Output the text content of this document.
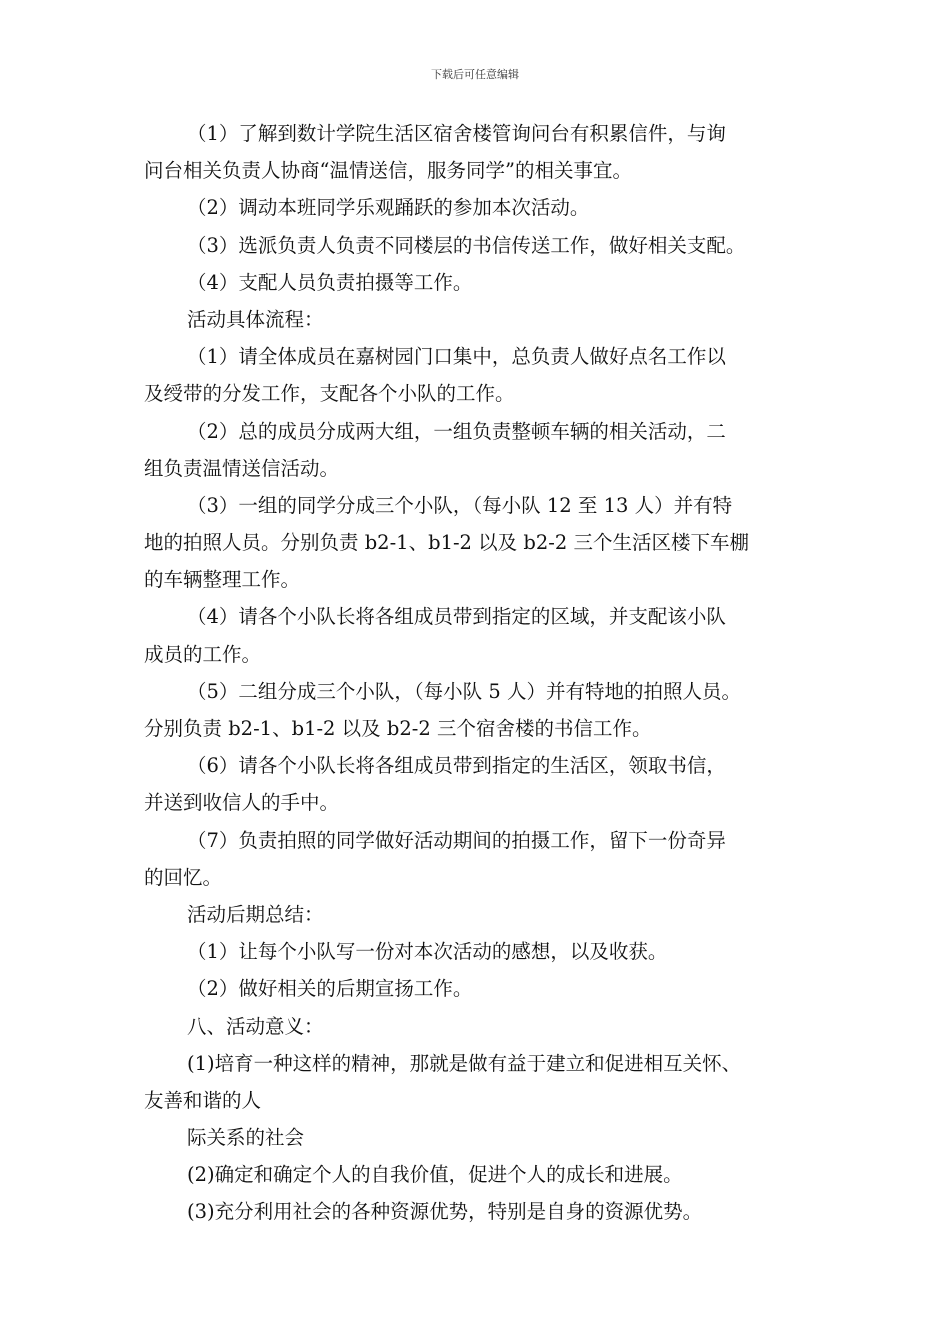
下载后可任意编辑
（1）了解到数计学院生活区宿舍楼管询问台有积累信件，与询
问台相关负责人协商“温情送信，服务同学”的相关事宜。
（2）调动本班同学乐观踊跃的参加本次活动。
（3）选派负责人负责不同楼层的书信传送工作，做好相关支配。
（4）支配人员负责拍摄等工作。
活动具体流程：
（1）请全体成员在嘉树园门口集中，总负责人做好点名工作以
及绶带的分发工作，支配各个小队的工作。
（2）总的成员分成两大组，一组负责整顿车辆的相关活动，二
组负责温情送信活动。
（3）一组的同学分成三个小队，（每小队 12 至 13 人）并有特
地的拍照人员。分别负责 b2-1、b1-2 以及 b2-2 三个生活区楼下车棚
的车辆整理工作。
（4）请各个小队长将各组成员带到指定的区域，并支配该小队
成员的工作。
（5）二组分成三个小队，（每小队 5 人）并有特地的拍照人员。
分别负责 b2-1、b1-2 以及 b2-2 三个宿舍楼的书信工作。
（6）请各个小队长将各组成员带到指定的生活区，领取书信，
并送到收信人的手中。
（7）负责拍照的同学做好活动期间的拍摄工作，留下一份奇异
的回忆。
活动后期总结：
（1）让每个小队写一份对本次活动的感想，以及收获。
（2）做好相关的后期宣扬工作。
八、活动意义：
(1)培育一种这样的精神，那就是做有益于建立和促进相互关怀、
友善和谐的人
际关系的社会
(2)确定和确定个人的自我价值，促进个人的成长和进展。
(3)充分利用社会的各种资源优势，特别是自身的资源优势。
